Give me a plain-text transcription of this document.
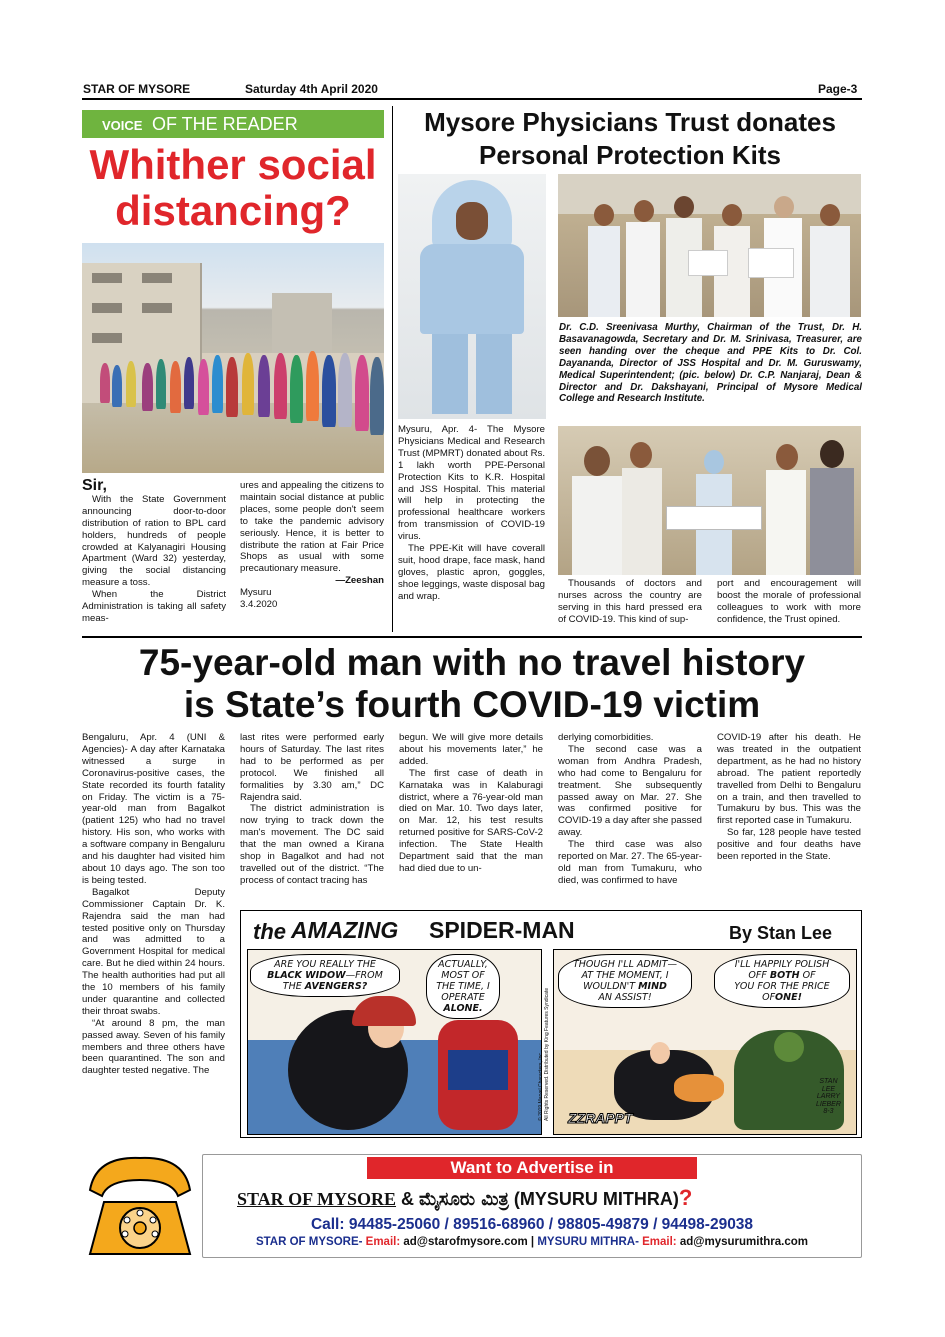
STAR OF MYSORE	Saturday 4th April 2020	Page-3
VOICE OF THE READER
Whither social
distancing?
Sir,

With the State Government announcing door-to-door distribution of ration to BPL card holders, hundreds of people crowded at Kalyanagiri Housing Apartment (Ward 32) yesterday, giving the social distancing measure a toss.

When the District Administration is taking all safety meas-

ures and appealing the citizens to maintain social distance at public places, some people don't seem to take the pandemic advisory seriously. Hence, it is better to distribute the ration at Fair Price Shops as usual with some precautionary measure.
—Zeeshan
Mysuru
3.4.2020
Mysore Physicians Trust donates
Personal Protection Kits
Dr. C.D. Sreenivasa Murthy, Chairman of the Trust, Dr. H. Basavanagowda, Secretary and Dr. M. Srinivasa, Treasurer, are seen handing over the cheque and PPE Kits to Dr. Col. Dayananda, Director of JSS Hospital and Dr. M. Guruswamy, Medical Superintendent; (pic. below) Dr. C.P. Nanjaraj, Dean & Director and Dr. Dakshayani, Principal of Mysore Medical College and Research Institute.
Mysuru, Apr. 4- The Mysore Physicians Medical and Research Trust (MPMRT) donated about Rs. 1 lakh worth PPE-Personal Protection Kits to K.R. Hospital and JSS Hospital. This material will help in protecting the professional healthcare workers from transmission of COVID-19 virus.

The PPE-Kit will have coverall suit, hood drape, face mask, hand gloves, plastic apron, goggles, shoe leggings, waste disposal bag and wrap.

Thousands of doctors and nurses across the country are serving in this hard pressed era of COVID-19. This kind of sup-

port and encouragement will boost the morale of professional colleagues to work with more confidence, the Trust opined.
75-year-old man with no travel history
is State’s fourth COVID-19 victim
Bengaluru, Apr. 4 (UNI & Agencies)- A day after Karnataka witnessed a surge in Coronavirus-positive cases, the State recorded its fourth fatality on Friday. The victim is a 75-year-old man from Bagalkot (patient 125) who had no travel history. His son, who works with a software company in Bengaluru and his daughter had visited him about 10 days ago. The son too is being tested.

Bagalkot Deputy Commissioner Captain Dr. K. Rajendra said the man had tested positive only on Thursday and was admitted to a Government Hospital for medical care. But he died within 24 hours. The health authorities had put all the 10 members of his family under quarantine and collected their throat swabs.

“At around 8 pm, the man passed away. Seven of his family members and three others have been quarantined. The son and daughter tested negative. The

last rites were performed early hours of Saturday. The last rites had to be performed as per protocol. We finished all formalities by 3.30 am,” DC Rajendra said.

The district administration is now trying to track down the man's movement. The DC said that the man owned a Kirana shop in Bagalkot and had not travelled out of the district. “The process of contact tracing has

begun. We will give more details about his movements later,” he added.

The first case of death in Karnataka was in Kalaburagi district, where a 76-year-old man died on Mar. 10. Two days later, on Mar. 12, his test results returned positive for SARS-CoV-2 infection. The State Health Department said that the man had died due to un-

derlying comorbidities.

The second case was a woman from Andhra Pradesh, who had come to Bengaluru for treatment. She subsequently passed away on Mar. 27. She was confirmed positive for COVID-19 a day after she passed away.

The third case was also reported on Mar. 27. The 65-year-old man from Tumakuru, who died, was confirmed to have

COVID-19 after his death. He was treated in the outpatient department, as he had no history abroad. The patient reportedly travelled from Delhi to Bengaluru on a train, and then travelled to Tumakuru by bus. This was the first reported case in Tumakuru.

So far, 128 people have tested positive and four deaths have been reported in the State.

the AMAZING SPIDER-MAN	By Stan Lee
ARE YOU REALLY THE
BLACK WIDOW—FROM
THE AVENGERS?
ACTUALLY, MOST OF THE TIME, I OPERATE
ALONE.
© 2019 Marvel Characters, Inc. All Rights Reserved. Distributed by King Features Syndicate
THOUGH I'LL ADMIT—
AT THE MOMENT, I
WOULDN'T MIND
AN ASSIST!
I'LL HAPPILY POLISH
OFF BOTH OF
YOU FOR THE PRICE
OFONE!
ZZRAPPT
STAN
LEE
LARRY
LIEBER
8-3
Want to Advertise in
STAR OF MYSORE & ಮೈಸೂರು ಮಿತ್ರ (MYSURU MITHRA)?
Call: 94485-25060 / 89516-68960 / 98805-49879 / 94498-29038
STAR OF MYSORE- Email: ad@starofmysore.com | MYSURU MITHRA- Email: ad@mysurumithra.com
